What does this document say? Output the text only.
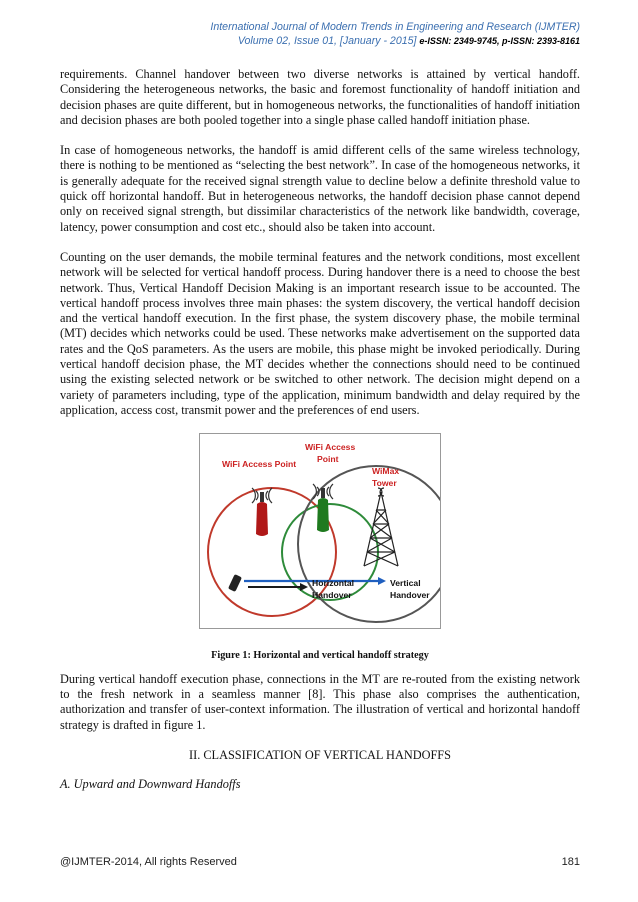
International Journal of Modern Trends in Engineering and Research (IJMTER)
Volume 02, Issue 01, [January - 2015] e-ISSN: 2349-9745, p-ISSN: 2393-8161

requirements. Channel handover between two diverse networks is attained by vertical handoff. Considering the heterogeneous networks, the basic and foremost functionality of handoff initiation and decision phases are quite different, but in homogeneous networks, the functionalities of handoff initiation and decision phases are both pooled together into a single phase called handoff initiation phase.

In case of homogeneous networks, the handoff is amid different cells of the same wireless technology, there is nothing to be mentioned as “selecting the best network”. In case of the homogeneous networks, it is generally adequate for the received signal strength value to decline below a definite threshold value to quick off horizontal handoff. But in heterogeneous networks, the handoff decision phase cannot depend only on received signal strength, but dissimilar characteristics of the network like bandwidth, coverage, latency, power consumption and cost etc., should also be taken into account.

Counting on the user demands, the mobile terminal features and the network conditions, most excellent network will be selected for vertical handoff process. During handover there is a need to choose the best network. Thus, Vertical Handoff Decision Making is an important research issue to be accounted. The vertical handoff process involves three main phases: the system discovery, the vertical handoff decision and the vertical handoff execution. In the first phase, the system discovery phase, the mobile terminal (MT) decides which networks could be used. These networks make advertisement on the supported data rates and the QoS parameters. As the users are mobile, this phase might be invoked periodically. During vertical handoff decision phase, the MT decides whether the connections should need to be continued using the existing selected network or be switched to other network. The decision might depend on a variety of parameters including, type of the application, minimum bandwidth and delay required by the application, access cost, transmit power and the preferences of end users.

WiFi Access Point
WiFi Access
Point
WiMax
Tower
Horizontal
Handover
Vertical
Handover
Figure 1: Horizontal and vertical handoff strategy

During vertical handoff execution phase, connections in the MT are re-routed from the existing network to the fresh network in a seamless manner [8]. This phase also comprises the authentication, authorization and transfer of user-context information. The illustration of vertical and horizontal handoff strategy is drafted in figure 1.

II. CLASSIFICATION OF VERTICAL HANDOFFS
A. Upward and Downward Handoffs
@IJMTER-2014, All rights Reserved	181
